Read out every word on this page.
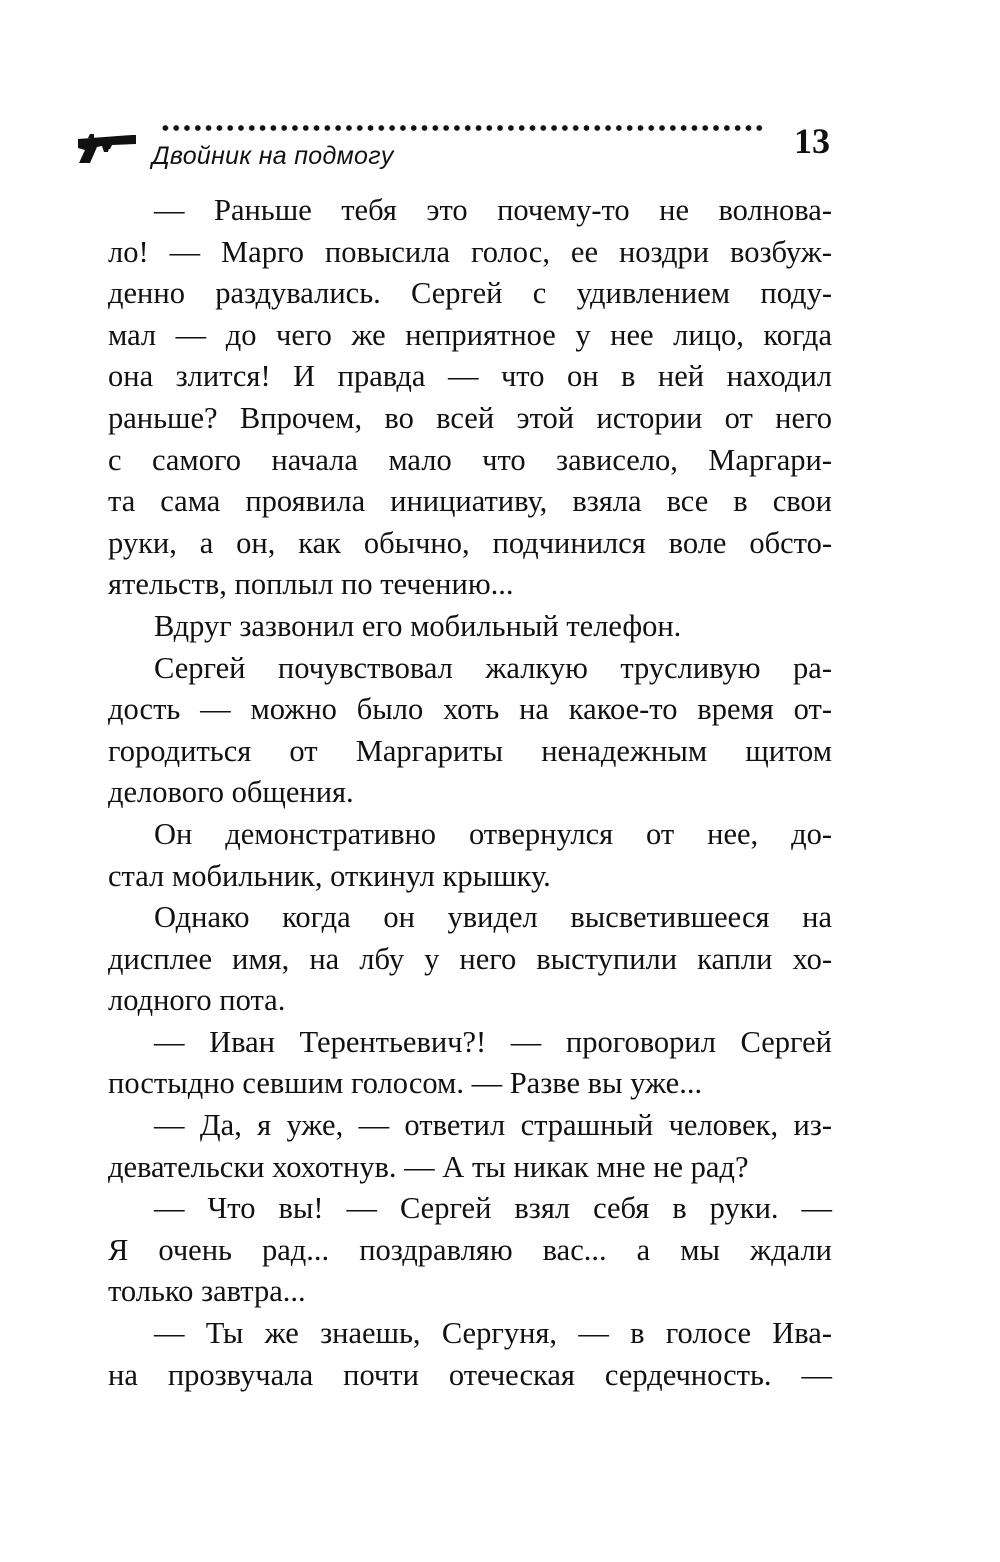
Двойник на подмогу	13
— Раньше тебя это почему-то не волнова-
ло! — Марго повысила голос, ее ноздри возбуж-
денно раздувались. Сергей с удивлением поду-
мал — до чего же неприятное у нее лицо, когда
она злится! И правда — что он в ней находил
раньше? Впрочем, во всей этой истории от него
с самого начала мало что зависело, Маргари-
та сама проявила инициативу, взяла все в свои
руки, а он, как обычно, подчинился воле обсто-
ятельств, поплыл по течению...
Вдруг зазвонил его мобильный телефон.
Сергей почувствовал жалкую трусливую ра-
дость — можно было хоть на какое-то время от-
городиться от Маргариты ненадежным щитом
делового общения.
Он демонстративно отвернулся от нее, до-
стал мобильник, откинул крышку.
Однако когда он увидел высветившееся на
дисплее имя, на лбу у него выступили капли хо-
лодного пота.
— Иван Терентьевич?! — проговорил Сергей
постыдно севшим голосом. — Разве вы уже...
— Да, я уже, — ответил страшный человек, из-
девательски хохотнув. — А ты никак мне не рад?
— Что вы! — Сергей взял себя в руки. —
Я очень рад... поздравляю вас... а мы ждали
только завтра...
— Ты же знаешь, Сергуня, — в голосе Ива-
на прозвучала почти отеческая сердечность. —
